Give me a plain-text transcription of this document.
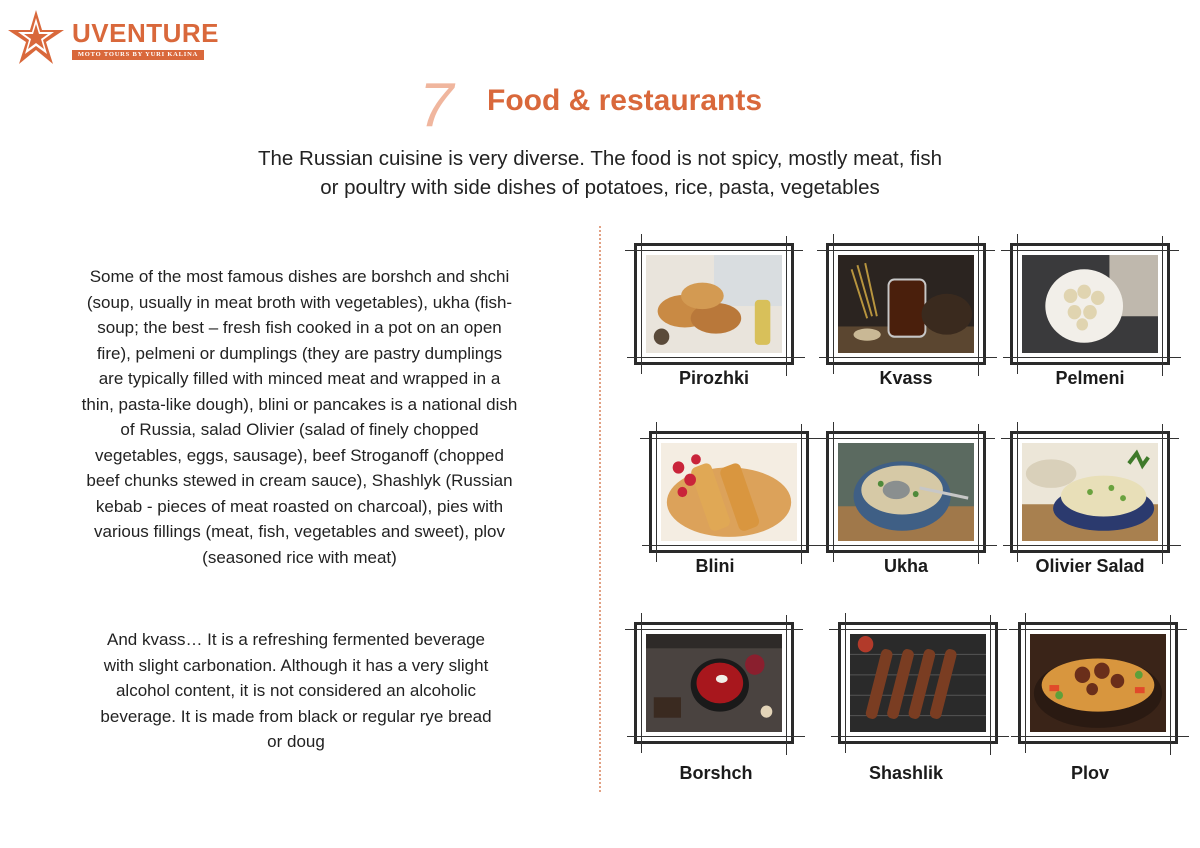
UVENTURE
MOTO TOURS BY YURI KALINA
7 Food & restaurants
The Russian cuisine is very diverse. The food is not spicy, mostly meat, fish
or poultry with side dishes of potatoes, rice, pasta, vegetables
Some of the most famous dishes are borshch and shchi
(soup, usually in meat broth with vegetables), ukha (fish-
soup; the best – fresh fish cooked in a pot on an open
fire), pelmeni or dumplings (they are pastry dumplings
are typically filled with minced meat and wrapped in a
thin, pasta-like dough), blini or pancakes is a national dish
of Russia, salad Olivier (salad of finely chopped
vegetables, eggs, sausage), beef Stroganoff (chopped
beef chunks stewed in cream sauce), Shashlyk (Russian
kebab - pieces of meat roasted on charcoal), pies with
various fillings (meat, fish, vegetables and sweet), plov
(seasoned rice with meat)
And kvass… It is a refreshing fermented beverage
with slight carbonation. Although it has a very slight
alcohol content, it is not considered an alcoholic
beverage. It is made from black or regular rye bread
or doug
Pirozhki	Kvass	Pelmeni
Blini	Ukha	Olivier Salad
Borshch	Shashlik	Plov
